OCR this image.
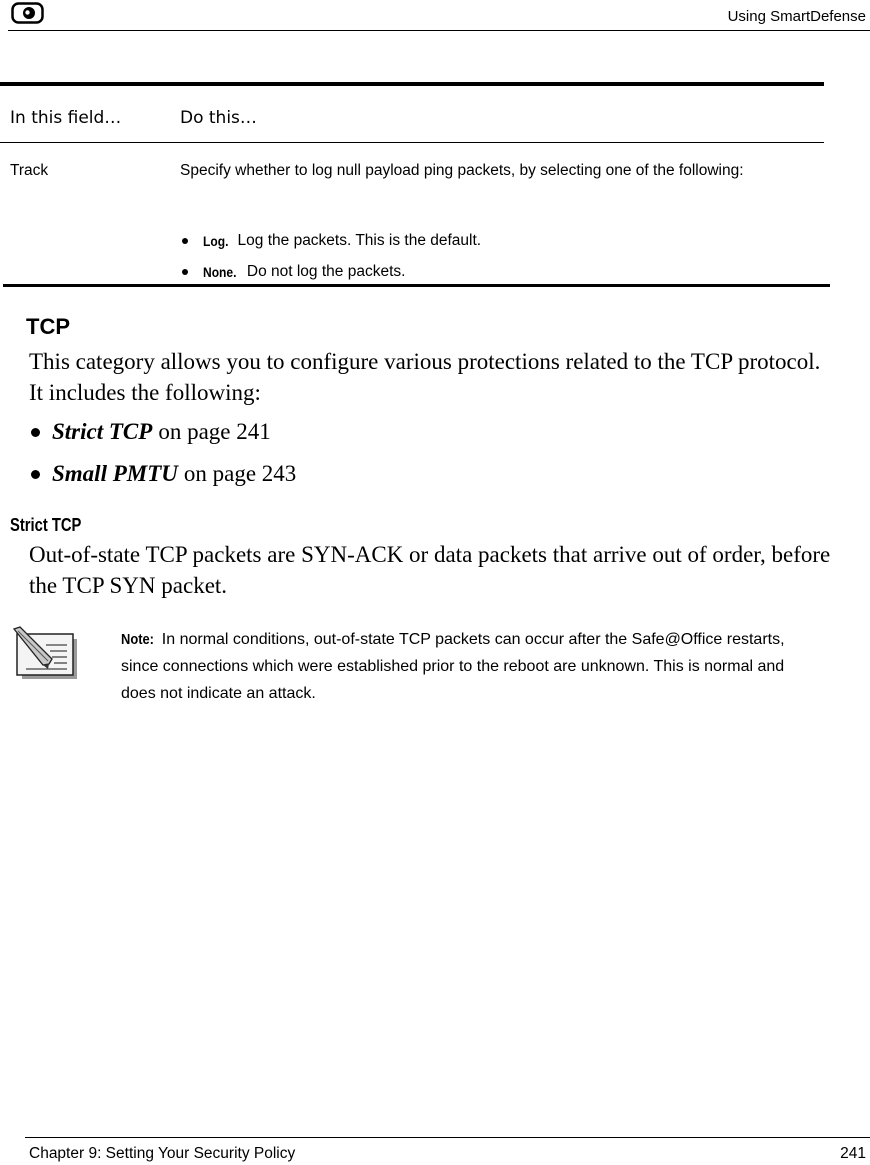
Using SmartDefense
In this field…	Do this…
Track	Specify whether to log null payload ping packets, by selecting one of the following:
Log. Log the packets. This is the default.
None. Do not log the packets.
TCP
This category allows you to configure various protections related to the TCP protocol. It includes the following:
Strict TCP on page 241
Small PMTU on page 243
Strict TCP
Out-of-state TCP packets are SYN-ACK or data packets that arrive out of order, before the TCP SYN packet.
Note: In normal conditions, out-of-state TCP packets can occur after the Safe@Office restarts, since connections which were established prior to the reboot are unknown. This is normal and does not indicate an attack.
Chapter 9: Setting Your Security Policy	241
